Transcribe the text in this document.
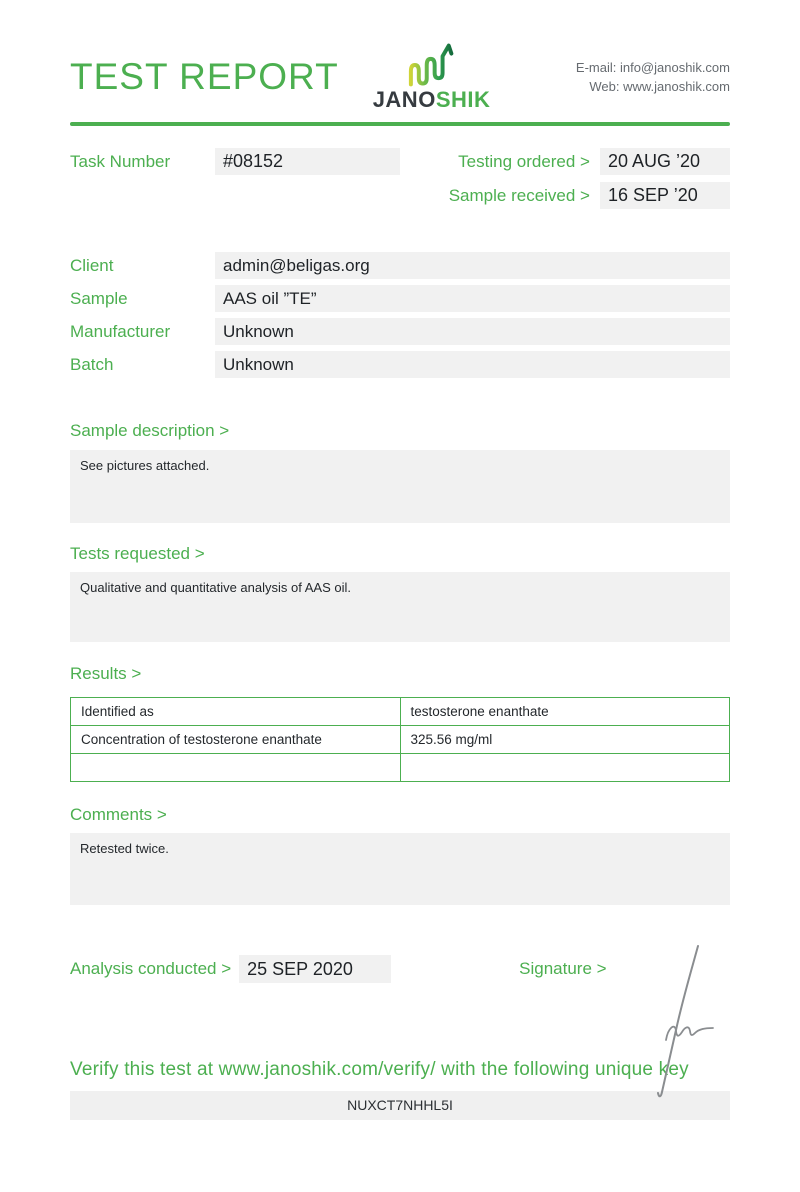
TEST REPORT
JANOSHIK
E-mail: info@janoshik.com
Web: www.janoshik.com
Task Number	#08152	Testing ordered >	20 AUG ’20
Sample received >	16 SEP ’20
Client	admin@beligas.org
Sample	AAS oil ”TE”
Manufacturer	Unknown
Batch	Unknown
Sample description >
See pictures attached.
Tests requested >
Qualitative and quantitative analysis of AAS oil.
Results >
Identified as	testosterone enanthate
Concentration of testosterone enanthate	325.56 mg/ml

Comments >
Retested twice.
Analysis conducted > 25 SEP 2020	Signature >
Verify this test at www.janoshik.com/verify/ with the following unique key
NUXCT7NHHL5I
